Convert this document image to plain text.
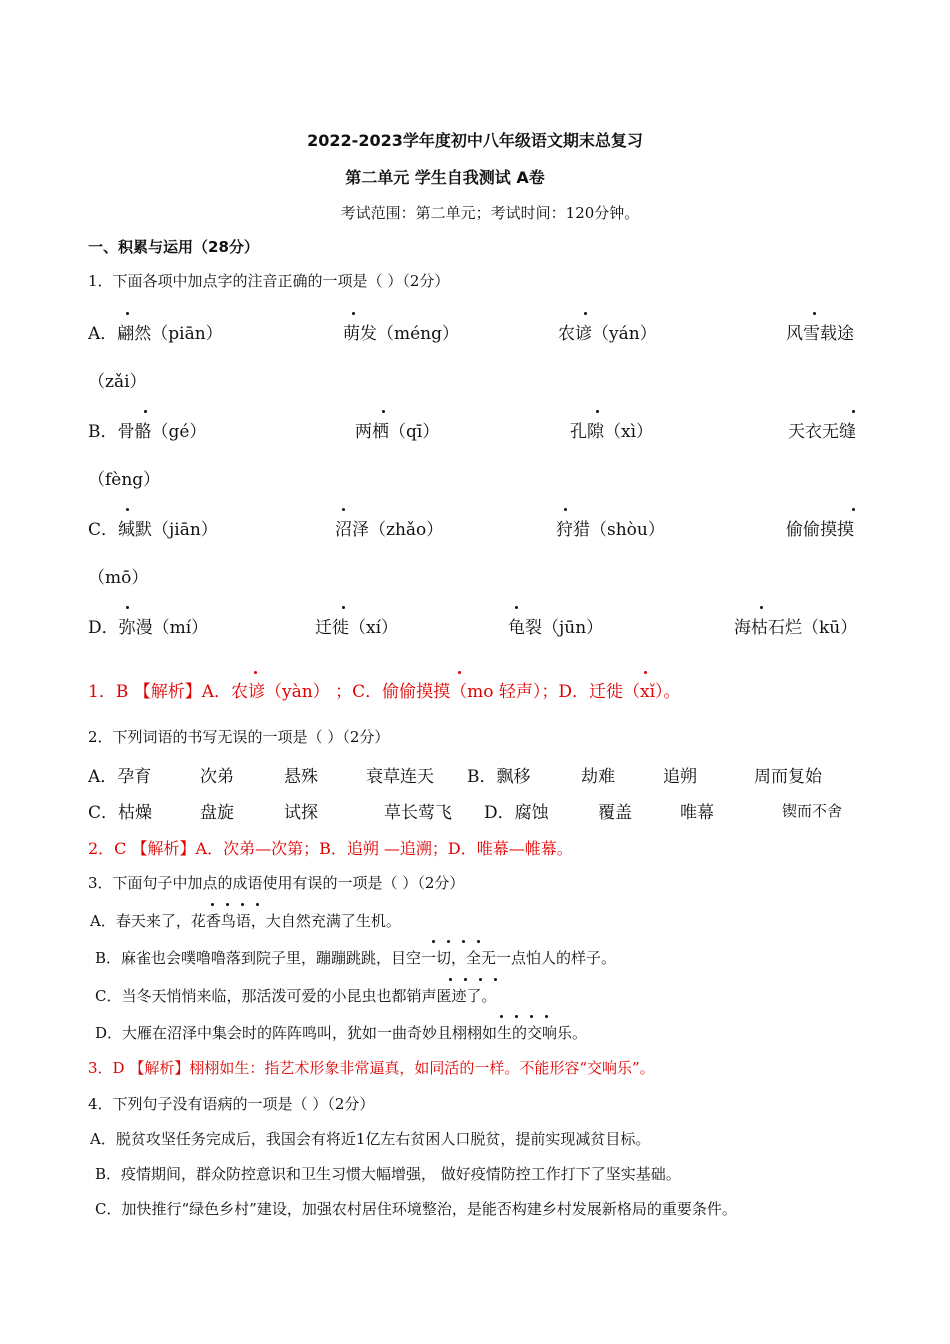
2022-2023学年度初中八年级语文期末总复习
第二单元 学生自我测试 A卷
考试范围：第二单元；考试时间：120分钟。
一、积累与运用（28分）
1．下面各项中加点字的注音正确的一项是（ ）（2分）
A．翩然（piān）	萌发（méng）	农谚（yán）	风雪载途
（zǎi）
B．骨骼（gé）	两栖（qī）	孔隙（xì）	天衣无缝
（fèng）
C．缄默（jiān）	沼泽（zhǎo）	狩猎（shòu）	偷偷摸摸
（mō）
D．弥漫（mí）	迁徙（xí）	龟裂（jūn）	海枯石烂（kū）
1．B 【解析】A．农谚（yàn） ；C．偷偷摸摸（mo 轻声）；D．迁徙（xǐ）。
2．下列词语的书写无误的一项是（ ）（2分）
A．孕育	次弟	悬殊	衰草连天 B．飘移	劫难	追朔	周而复始
C．枯燥	盘旋	试探	草长莺飞 D．腐蚀	覆盖	唯幕	锲而不舍
2．C 【解析】A．次弟—次第；B．追朔 —追溯；D．唯幕—帷幕。
3．下面句子中加点的成语使用有误的一项是（ ）（2分）
A．春天来了，花香鸟语，大自然充满了生机。
B．麻雀也会噗噜噜落到院子里，蹦蹦跳跳，目空一切，全无一点怕人的样子。
C．当冬天悄悄来临，那活泼可爱的小昆虫也都销声匿迹了。
D．大雁在沼泽中集会时的阵阵鸣叫，犹如一曲奇妙且栩栩如生的交响乐。
3．D 【解析】栩栩如生：指艺术形象非常逼真，如同活的一样。不能形容“交响乐”。
4．下列句子没有语病的一项是（ ）（2分）
A．脱贫攻坚任务完成后，我国会有将近1亿左右贫困人口脱贫，提前实现减贫目标。
B．疫情期间，群众防控意识和卫生习惯大幅增强， 做好疫情防控工作打下了坚实基础。
C．加快推行“绿色乡村”建设，加强农村居住环境整治，是能否构建乡村发展新格局的重要条件。
